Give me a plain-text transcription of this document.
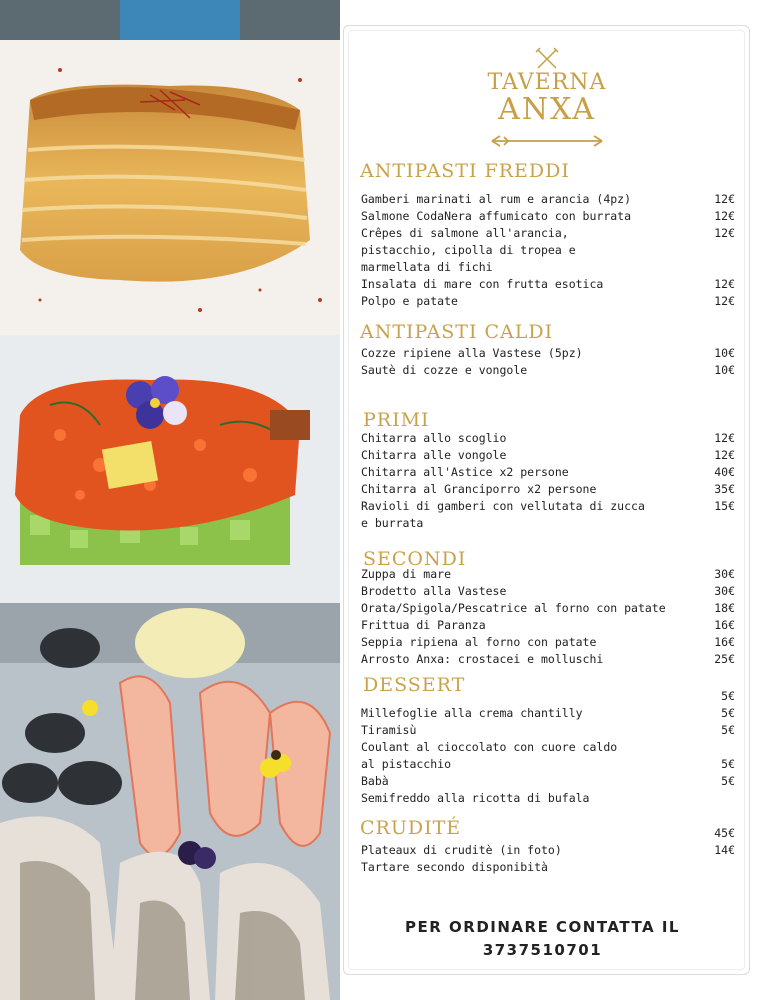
TAVERNA
ANXA
ANTIPASTI FREDDI
Gamberi marinati al rum e arancia (4pz)	12€
Salmone CodaNera affumicato con burrata	12€
Crêpes di salmone all'arancia,	12€
pistacchio, cipolla di tropea e
marmellata di fichi
Insalata di mare con frutta esotica	12€
Polpo e patate	12€
ANTIPASTI CALDI
Cozze ripiene alla Vastese (5pz)	10€
Sautè di cozze e vongole	10€
PRIMI
Chitarra allo scoglio	12€
Chitarra alle vongole	12€
Chitarra all'Astice x2 persone	40€
Chitarra al Granciporro x2 persone	35€
Ravioli di gamberi con vellutata di zucca	15€
e burrata
SECONDI
Zuppa di mare	30€
Brodetto alla Vastese	30€
Orata/Spigola/Pescatrice al forno con patate	18€
Frittua di Paranza	16€
Seppia ripiena al forno con patate	16€
Arrosto Anxa: crostacei e molluschi	25€
DESSERT	5€
Millefoglie alla crema chantilly	5€
Tiramisù	5€
Coulant al cioccolato con cuore caldo
al pistacchio	5€
Babà	5€
Semifreddo alla ricotta di bufala
CRUDITÉ	45€
Plateaux di cruditè (in foto)	14€
Tartare secondo disponibità
PER ORDINARE CONTATTA IL
3737510701
